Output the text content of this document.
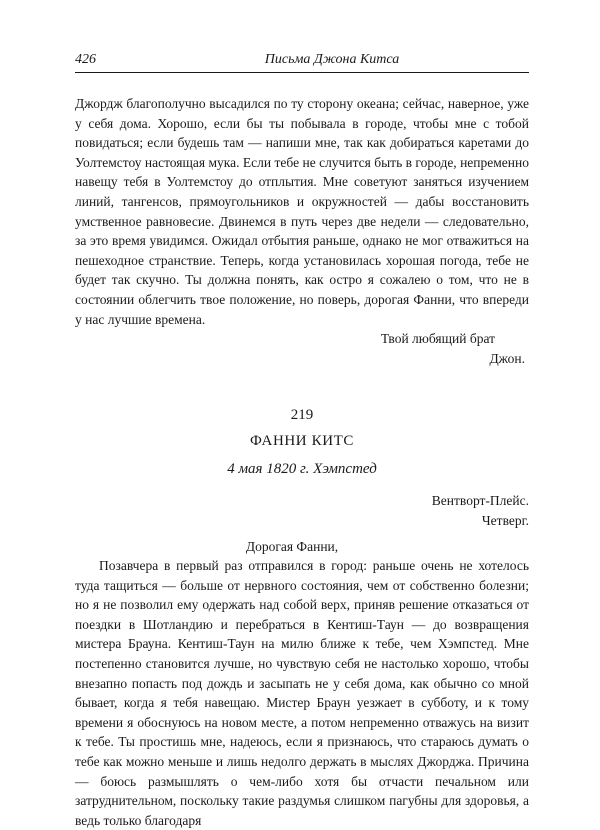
426	Письма Джона Китса

Джордж благополучно высадился по ту сторону океана; сейчас, наверное, уже у себя дома. Хорошо, если бы ты побывала в городе, чтобы мне с тобой повидаться; если будешь там — напиши мне, так как добираться каретами до Уолтемстоу настоящая мука. Если тебе не случится быть в городе, непременно навещу тебя в Уолтемстоу до отплытия. Мне советуют заняться изучением линий, тангенсов, прямоугольников и окружностей — дабы восстановить умственное равновесие. Двинемся в путь через две недели — следовательно, за это время увидимся. Ожидал отбытия раньше, однако не мог отважиться на пешеходное странствие. Теперь, когда установилась хорошая погода, тебе не будет так скучно. Ты должна понять, как остро я сожалею о том, что не в состоянии облегчить твое положение, но поверь, дорогая Фанни, что впереди у нас лучшие времена.

Твой любящий брат

Джон.

219
ФАННИ КИТС
4 мая 1820 г. Хэмпстед
Вентворт-Плейс.
Четверг.
Дорогая Фанни,

Позавчера в первый раз отправился в город: раньше очень не хотелось туда тащиться — больше от нервного состояния, чем от собственно болезни; но я не позволил ему одержать над собой верх, приняв решение отказаться от поездки в Шотландию и перебраться в Кентиш-Таун — до возвращения мистера Брауна. Кентиш-Таун на милю ближе к тебе, чем Хэмпстед. Мне постепенно становится лучше, но чувствую себя не настолько хорошо, чтобы внезапно попасть под дождь и засыпать не у себя дома, как обычно со мной бывает, когда я тебя навещаю. Мистер Браун уезжает в субботу, и к тому времени я обоснуюсь на новом месте, а потом непременно отважусь на визит к тебе. Ты простишь мне, надеюсь, если я признаюсь, что стараюсь думать о тебе как можно меньше и лишь недолго держать в мыслях Джорджа. Причина — боюсь размышлять о чем-либо хотя бы отчасти печальном или затруднительном, поскольку такие раздумья слишком пагубны для здоровья, а ведь только благодаря
